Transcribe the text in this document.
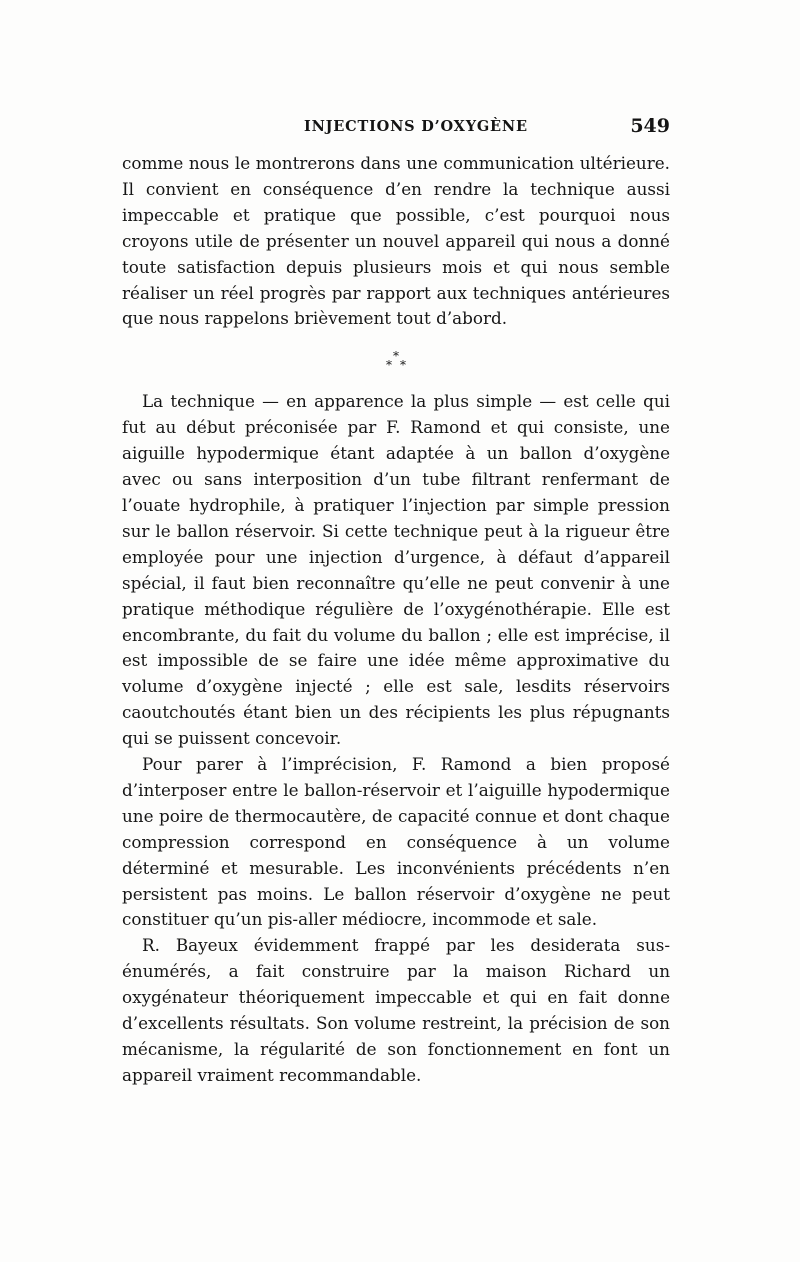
INJECTIONS D’OXYGÈNE	549

comme nous le montrerons dans une communication ultérieure. Il convient en conséquence d’en rendre la technique aussi impeccable et pratique que possible, c’est pourquoi nous croyons utile de présenter un nouvel appareil qui nous a donné toute satisfaction depuis plusieurs mois et qui nous semble réaliser un réel progrès par rapport aux techniques antérieures que nous rappelons brièvement tout d’abord.

*
* *

La technique — en apparence la plus simple — est celle qui fut au début préconisée par F. Ramond et qui consiste, une aiguille hypodermique étant adaptée à un ballon d’oxygène avec ou sans interposition d’un tube filtrant renfermant de l’ouate hydrophile, à pratiquer l’injection par simple pression sur le ballon réservoir. Si cette technique peut à la rigueur être employée pour une injection d’urgence, à défaut d’appareil spécial, il faut bien reconnaître qu’elle ne peut convenir à une pratique méthodique régulière de l’oxygénothérapie. Elle est encombrante, du fait du volume du ballon ; elle est imprécise, il est impossible de se faire une idée même approximative du volume d’oxygène injecté ; elle est sale, lesdits réservoirs caoutchoutés étant bien un des récipients les plus répugnants qui se puissent concevoir.

Pour parer à l’imprécision, F. Ramond a bien proposé d’interposer entre le ballon-réservoir et l’aiguille hypodermique une poire de thermocautère, de capacité connue et dont chaque compression correspond en conséquence à un volume déterminé et mesurable. Les inconvénients précédents n’en persistent pas moins. Le ballon réservoir d’oxygène ne peut constituer qu’un pis-aller médiocre, incommode et sale.

R. Bayeux évidemment frappé par les desiderata sus-énumérés, a fait construire par la maison Richard un oxygénateur théoriquement impeccable et qui en fait donne d’excellents résultats. Son volume restreint, la précision de son mécanisme, la régularité de son fonctionnement en font un appareil vraiment recommandable.
